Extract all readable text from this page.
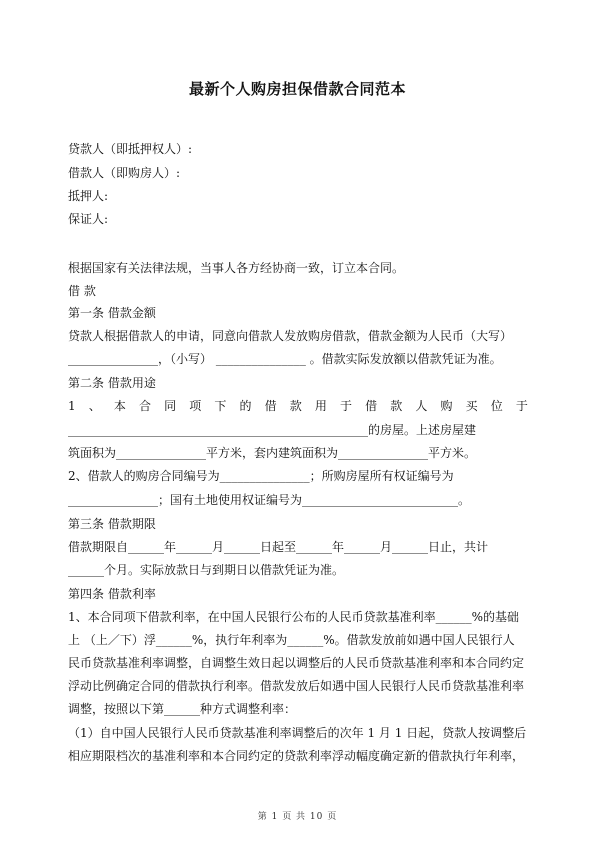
最新个人购房担保借款合同范本
贷款人（即抵押权人）:
借款人（即购房人）:
抵押人:
保证人:
根据国家有关法律法规，当事人各方经协商一致，订立本合同。
借 款
第一条 借款金额
贷款人根据借款人的申请，同意向借款人发放购房借款，借款金额为人民币（大写）
_______________，（小写） _______________ 。借款实际发放额以借款凭证为准。
第二条 借款用途
1 、 本 合 同 项 下 的 借 款 用 于 借 款 人 购 买 位 于
__________________________________________________的房屋。上述房屋建
筑面积为_______________平方米，套内建筑面积为_______________平方米。
2、借款人的购房合同编号为_______________；所购房屋所有权证编号为
_______________；国有土地使用权证编号为__________________________。
第三条 借款期限
借款期限自______年______月______日起至______年______月______日止，共计
______个月。实际放款日与到期日以借款凭证为准。
第四条 借款利率
1、本合同项下借款利率，在中国人民银行公布的人民币贷款基准利率______%的基础
上 （上／下）浮______%，执行年利率为______%。借款发放前如遇中国人民银行人
民币贷款基准利率调整，自调整生效日起以调整后的人民币贷款基准利率和本合同约定
浮动比例确定合同的借款执行利率。借款发放后如遇中国人民银行人民币贷款基准利率
调整，按照以下第______种方式调整利率：
（1）自中国人民银行人民币贷款基准利率调整后的次年 1 月 1 日起，贷款人按调整后
相应期限档次的基准利率和本合同约定的贷款利率浮动幅度确定新的借款执行年利率，
第 1 页 共 10 页
